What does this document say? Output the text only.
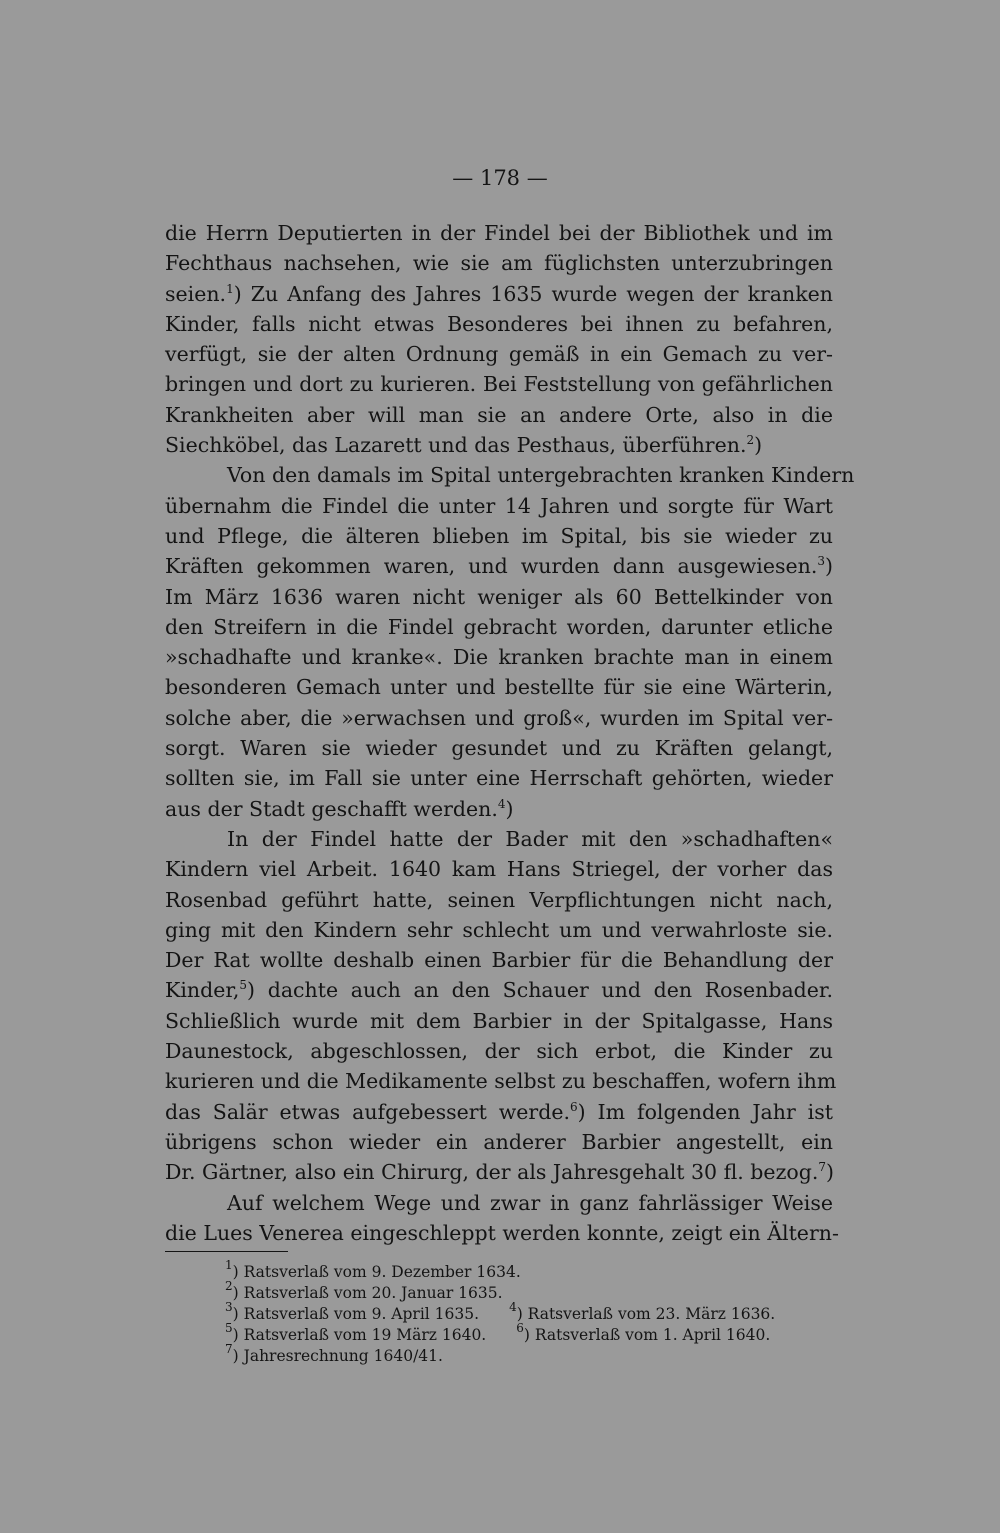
— 178 —
die Herrn Deputierten in der Findel bei der Bibliothek und im
Fechthaus nachsehen, wie sie am füglichsten unterzubringen
seien.$^1$) Zu Anfang des Jahres 1635 wurde wegen der kranken
Kinder, falls nicht etwas Besonderes bei ihnen zu befahren,
verfügt, sie der alten Ordnung gemäß in ein Gemach zu ver-
bringen und dort zu kurieren. Bei Feststellung von gefährlichen
Krankheiten aber will man sie an andere Orte, also in die
Siechköbel, das Lazarett und das Pesthaus, überführen.$^2$)
Von den damals im Spital untergebrachten kranken Kindern
übernahm die Findel die unter 14 Jahren und sorgte für Wart
und Pflege, die älteren blieben im Spital, bis sie wieder zu
Kräften gekommen waren, und wurden dann ausgewiesen.$^3$)
Im März 1636 waren nicht weniger als 60 Bettelkinder von
den Streifern in die Findel gebracht worden, darunter etliche
»schadhafte und kranke«. Die kranken brachte man in einem
besonderen Gemach unter und bestellte für sie eine Wärterin,
solche aber, die »erwachsen und groß«, wurden im Spital ver-
sorgt. Waren sie wieder gesundet und zu Kräften gelangt,
sollten sie, im Fall sie unter eine Herrschaft gehörten, wieder
aus der Stadt geschafft werden.$^4$)
In der Findel hatte der Bader mit den »schadhaften«
Kindern viel Arbeit. 1640 kam Hans Striegel, der vorher das
Rosenbad geführt hatte, seinen Verpflichtungen nicht nach,
ging mit den Kindern sehr schlecht um und verwahrloste sie.
Der Rat wollte deshalb einen Barbier für die Behandlung der
Kinder,$^5$) dachte auch an den Schauer und den Rosenbader.
Schließlich wurde mit dem Barbier in der Spitalgasse, Hans
Daunestock, abgeschlossen, der sich erbot, die Kinder zu
kurieren und die Medikamente selbst zu beschaffen, wofern ihm
das Salär etwas aufgebessert werde.$^6$) Im folgenden Jahr ist
übrigens schon wieder ein anderer Barbier angestellt, ein
Dr. Gärtner, also ein Chirurg, der als Jahresgehalt 30 fl. bezog.$^7$)
Auf welchem Wege und zwar in ganz fahrlässiger Weise
die Lues Venerea eingeschleppt werden konnte, zeigt ein Ältern-
$^1$) Ratsverlaß vom 9. Dezember 1634.
$^2$) Ratsverlaß vom 20. Januar 1635.
$^3$) Ratsverlaß vom 9. April 1635.	$^4$) Ratsverlaß vom 23. März 1636.
$^5$) Ratsverlaß vom 19 März 1640.	$^6$) Ratsverlaß vom 1. April 1640.
$^7$) Jahresrechnung 1640/41.
